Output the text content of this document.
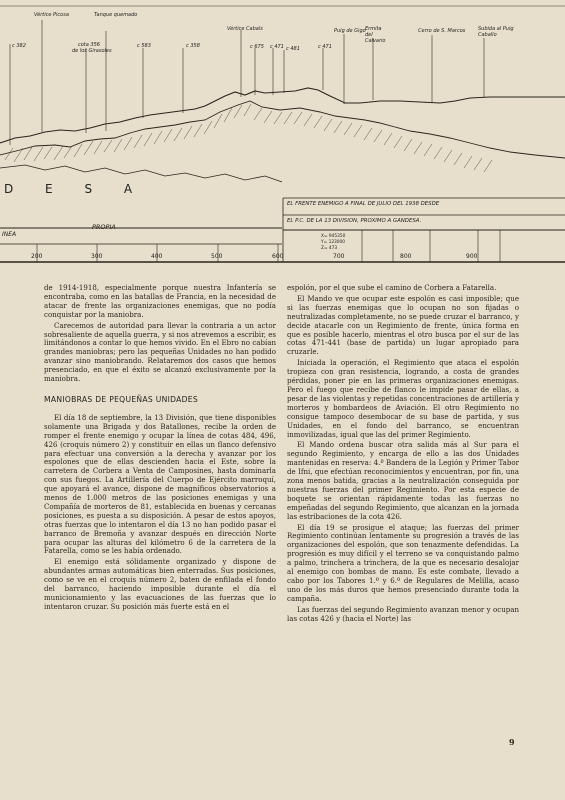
Vértice Picosa	Tanque quemado
cota 356
de los Girasoles
Vértice Cabals	Puig de Gigo Ermita del Calvario
Cerro de S. Marcos	Subida al Puig Caballo
c 382	c 583	c 358	c 675 c 471 c 481	c 471
D E S A
INEA
PROPIA
EL FRENTE ENEMIGO A FINAL DE JULIO DEL 1938 DESDE
EL P.C. DE LA 13 DIVISION, PROXIMO A GANDESA.
X= 945350
Y= 123000
Z= 473
200	300	400	500	600	700	800	900

de 1914-1918, especialmente porque nuestra Infantería se encontraba, como en las batallas de Francia, en la necesidad de atacar de frente las organizaciones enemigas, que no podía conquistar por la maniobra.

Carecemos de autoridad para llevar la contraria a un actor sobresaliente de aquella guerra, y si nos atrevemos a escribir, es limitándonos a contar lo que hemos vivido. En el Ebro no cabían grandes maniobras; pero las pequeñas Unidades no han podido avanzar sino maniobrando. Relataremos dos casos que hemos presenciado, en que el éxito se alcanzó exclusivamente por la maniobra.

MANIOBRAS DE PEQUEÑAS UNIDADES

El día 18 de septiembre, la 13 División, que tiene disponibles solamente una Brigada y dos Batallones, recibe la orden de romper el frente enemigo y ocupar la línea de cotas 484, 496, 426 (croquis número 2) y constituir en ellas un flanco defensivo para efectuar una conversión a la derecha y avanzar por los espolones que de ellas descienden hacia el Este, sobre la carretera de Corbera a Venta de Camposines, hasta dominarla con sus fuegos. La Artillería del Cuerpo de Ejército marroquí, que apoyará el avance, dispone de magníficos observatorios a menos de 1.000 metros de las posiciones enemigas y una Compañía de morteros de 81, establecida en buenas y cercanas posiciones, es puesta a su disposición. A pesar de estos apoyos, otras fuerzas que lo intentaron el día 13 no han podido pasar el barranco de Bremoña y avanzar después en dirección Norte para ocupar las alturas del kilómetro 6 de la carretera de la Fatarella, como se les había ordenado.

El enemigo está sólidamente organizado y dispone de abundantes armas automáticas bien enterradas. Sus posiciones, como se ve en el croquis número 2, baten de enfilada el fondo del barranco, haciendo imposible durante el día el municionamiento y las evacuaciones de las fuerzas que lo intentaron cruzar. Su posición más fuerte está en el

espolón, por el que sube el camino de Corbera a Fatarella.

El Mando ve que ocupar este espolón es casi imposible; que si las fuerzas enemigas que lo ocupan no son fijadas o neutralizadas completamente, no se puede cruzar el barranco, y decide atacarle con un Regimiento de frente, única forma en que es posible hacerlo, mientras el otro busca por el sur de las cotas 471-441 (base de partida) un lugar apropiado para cruzarle.

Iniciada la operación, el Regimiento que ataca el espolón tropieza con gran resistencia, logrando, a costa de grandes pérdidas, poner pie en las primeras organizaciones enemigas. Pero el fuego que recibe de flanco le impide pasar de ellas, a pesar de las violentas y repetidas concentraciones de artillería y morteros y bombardeos de Aviación. El otro Regimiento no consigue tampoco desembocar de su base de partida, y sus Unidades, en el fondo del barranco, se encuentran inmovilizadas, igual que las del primer Regimiento.

El Mando ordena buscar otra salida más al Sur para el segundo Regimiento, y encarga de ello a las dos Unidades mantenidas en reserva: 4.ª Bandera de la Legión y Primer Tabor de Ifni, que efectúan reconocimientos y encuentran, por fin, una zona menos batida, gracias a la neutralización conseguida por nuestras fuerzas del primer Regimiento. Por esta especie de boquete se orientan rápidamente todas las fuerzas no empeñadas del segundo Regimiento, que alcanzan en la jornada las estribaciones de la cota 426.

El día 19 se prosigue el ataque; las fuerzas del primer Regimiento continúan lentamente su progresión a través de las organizaciones del espolón, que son tenazmente defendidas. La progresión es muy difícil y el terreno se va conquistando palmo a palmo, trinchera a trinchera, de la que es necesario desalojar al enemigo con bombas de mano. Es este combate, llevado a cabo por los Tabores 1.º y 6.º de Regulares de Melilla, acaso uno de los más duros que hemos presenciado durante toda la campaña.

Las fuerzas del segundo Regimiento avanzan menor y ocupan las cotas 426 y (hacia el Norte) las

9
